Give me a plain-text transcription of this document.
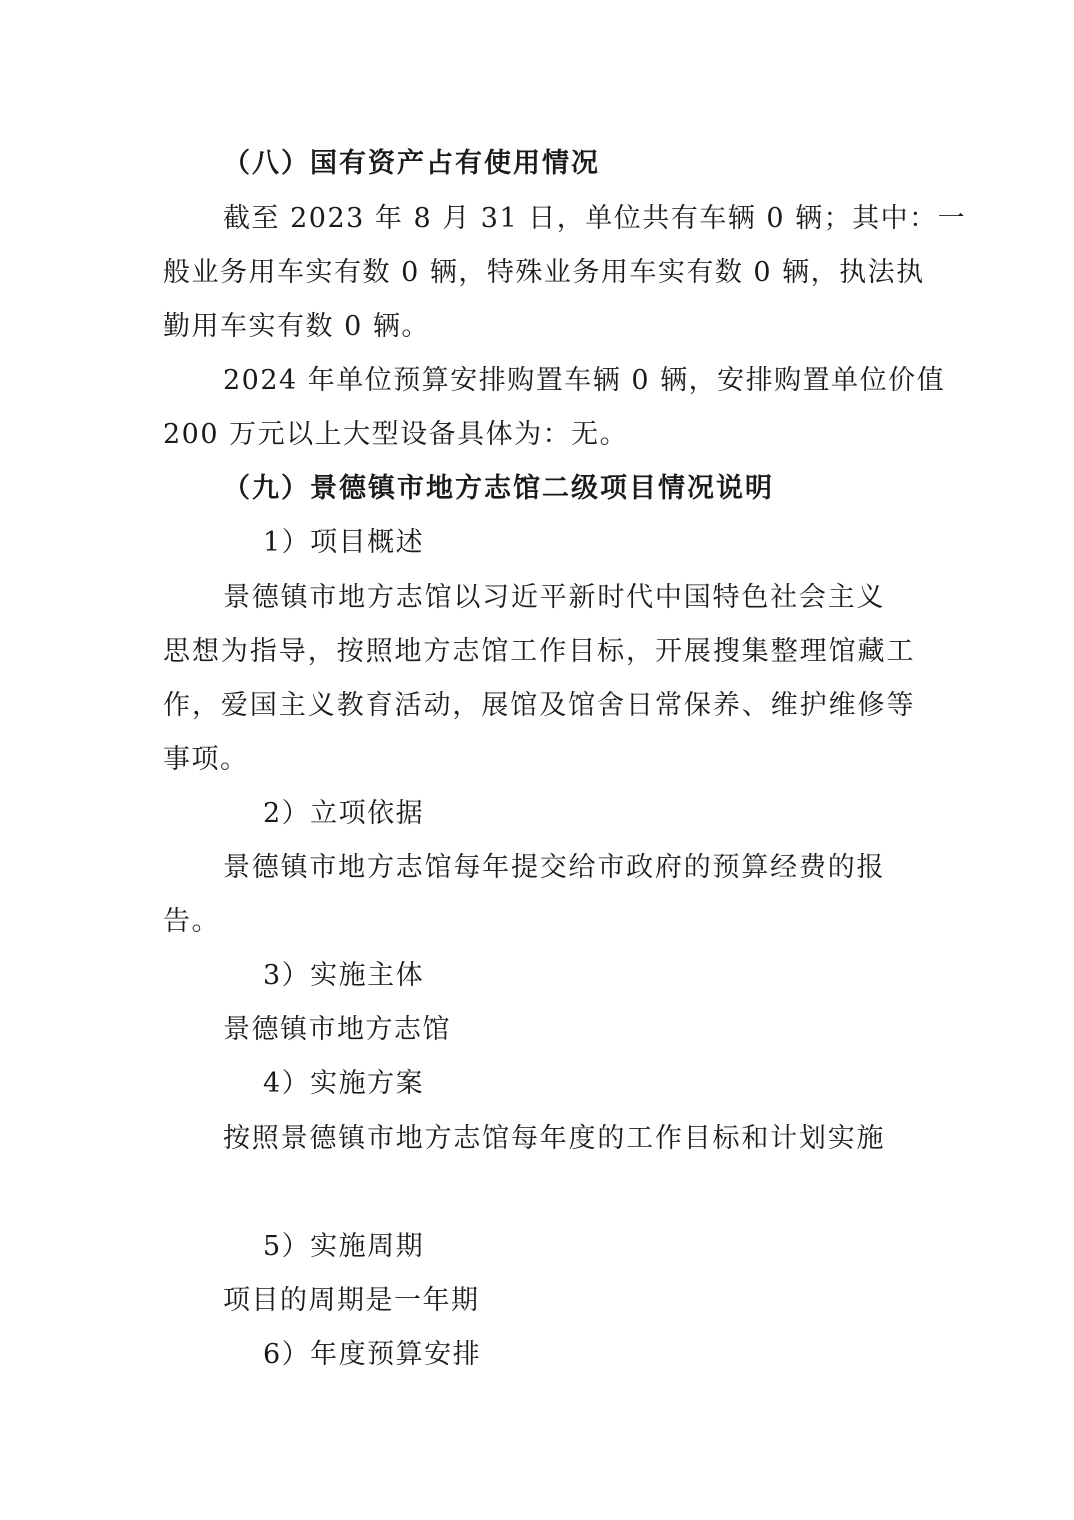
（八）国有资产占有使用情况
截至 2023 年 8 月 31 日，单位共有车辆 0 辆；其中：一
般业务用车实有数 0 辆，特殊业务用车实有数 0 辆，执法执
勤用车实有数 0 辆。
2024 年单位预算安排购置车辆 0 辆，安排购置单位价值
200 万元以上大型设备具体为：无。
（九）景德镇市地方志馆二级项目情况说明
1）项目概述
景德镇市地方志馆以习近平新时代中国特色社会主义
思想为指导，按照地方志馆工作目标，开展搜集整理馆藏工
作，爱国主义教育活动，展馆及馆舍日常保养、维护维修等
事项。
2）立项依据
景德镇市地方志馆每年提交给市政府的预算经费的报
告。
3）实施主体
景德镇市地方志馆
4）实施方案
按照景德镇市地方志馆每年度的工作目标和计划实施
5）实施周期
项目的周期是一年期
6）年度预算安排
